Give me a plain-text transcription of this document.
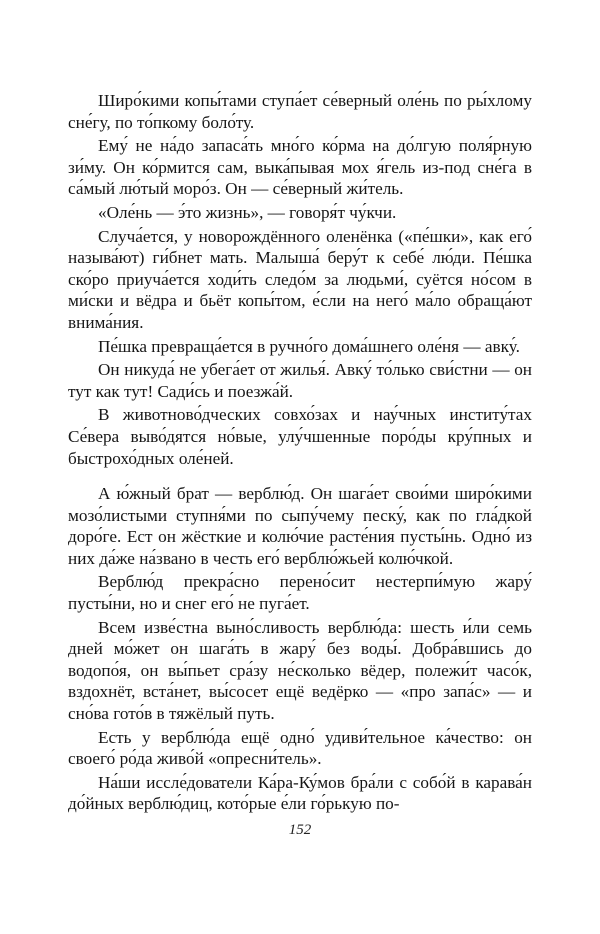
Широ́кими копы́тами ступа́ет се́верный оле́нь по ры́хлому сне́гу, по то́пкому боло́ту.

Ему́ не на́до запаса́ть мно́го ко́рма на до́лгую поля́рную зи́му. Он ко́рмится сам, выка́пывая мох я́гель из-под сне́га в са́мый лю́тый моро́з. Он — се́верный жи́тель.

«Оле́нь — э́то жизнь», — говоря́т чу́кчи.

Случа́ется, у новорождённого оленёнка («пе́шки», как его́ называ́ют) ги́бнет мать. Малыша́ беру́т к себе́ лю́ди. Пе́шка ско́ро приуча́ется ходи́ть следо́м за людьми́, суётся но́сом в ми́ски и вёдра и бьёт копы́том, е́сли на него́ ма́ло обраща́ют внима́ния.

Пе́шка превраща́ется в ручно́го дома́шнего оле́ня — авку́.

Он никуда́ не убега́ет от жилья́. Авку́ то́лько сви́стни — он тут как тут! Сади́сь и поезжа́й.

В животново́дческих совхо́зах и нау́чных институ́тах Се́вера выво́дятся но́вые, улу́чшенные поро́ды кру́пных и быстрохо́дных оле́ней.

А ю́жный брат — верблю́д. Он шага́ет свои́ми широ́кими мозо́листыми ступня́ми по сыпу́чему песку́, как по гла́дкой доро́ге. Ест он жёсткие и колю́чие расте́ния пусты́нь. Одно́ из них да́же на́звано в честь его́ верблю́жьей колю́чкой.

Верблю́д прекра́сно перено́сит нестерпи́мую жару́ пусты́ни, но и снег его́ не пуга́ет.

Всем изве́стна выно́сливость верблю́да: шесть и́ли семь дней мо́жет он шага́ть в жару́ без воды́. Добра́вшись до водопо́я, он вы́пьет сра́зу не́сколько вёдер, полежи́т часо́к, вздохнёт, вста́нет, вы́сосет ещё ведёрко — «про запа́с» — и сно́ва гото́в в тяжёлый путь.

Есть у верблю́да ещё одно́ удиви́тельное ка́чество: он своего́ ро́да живо́й «опресни́тель».

На́ши иссле́дователи Ка́ра-Ку́мов бра́ли с собо́й в карава́н до́йных верблю́диц, кото́рые е́ли го́рькую по-

152
